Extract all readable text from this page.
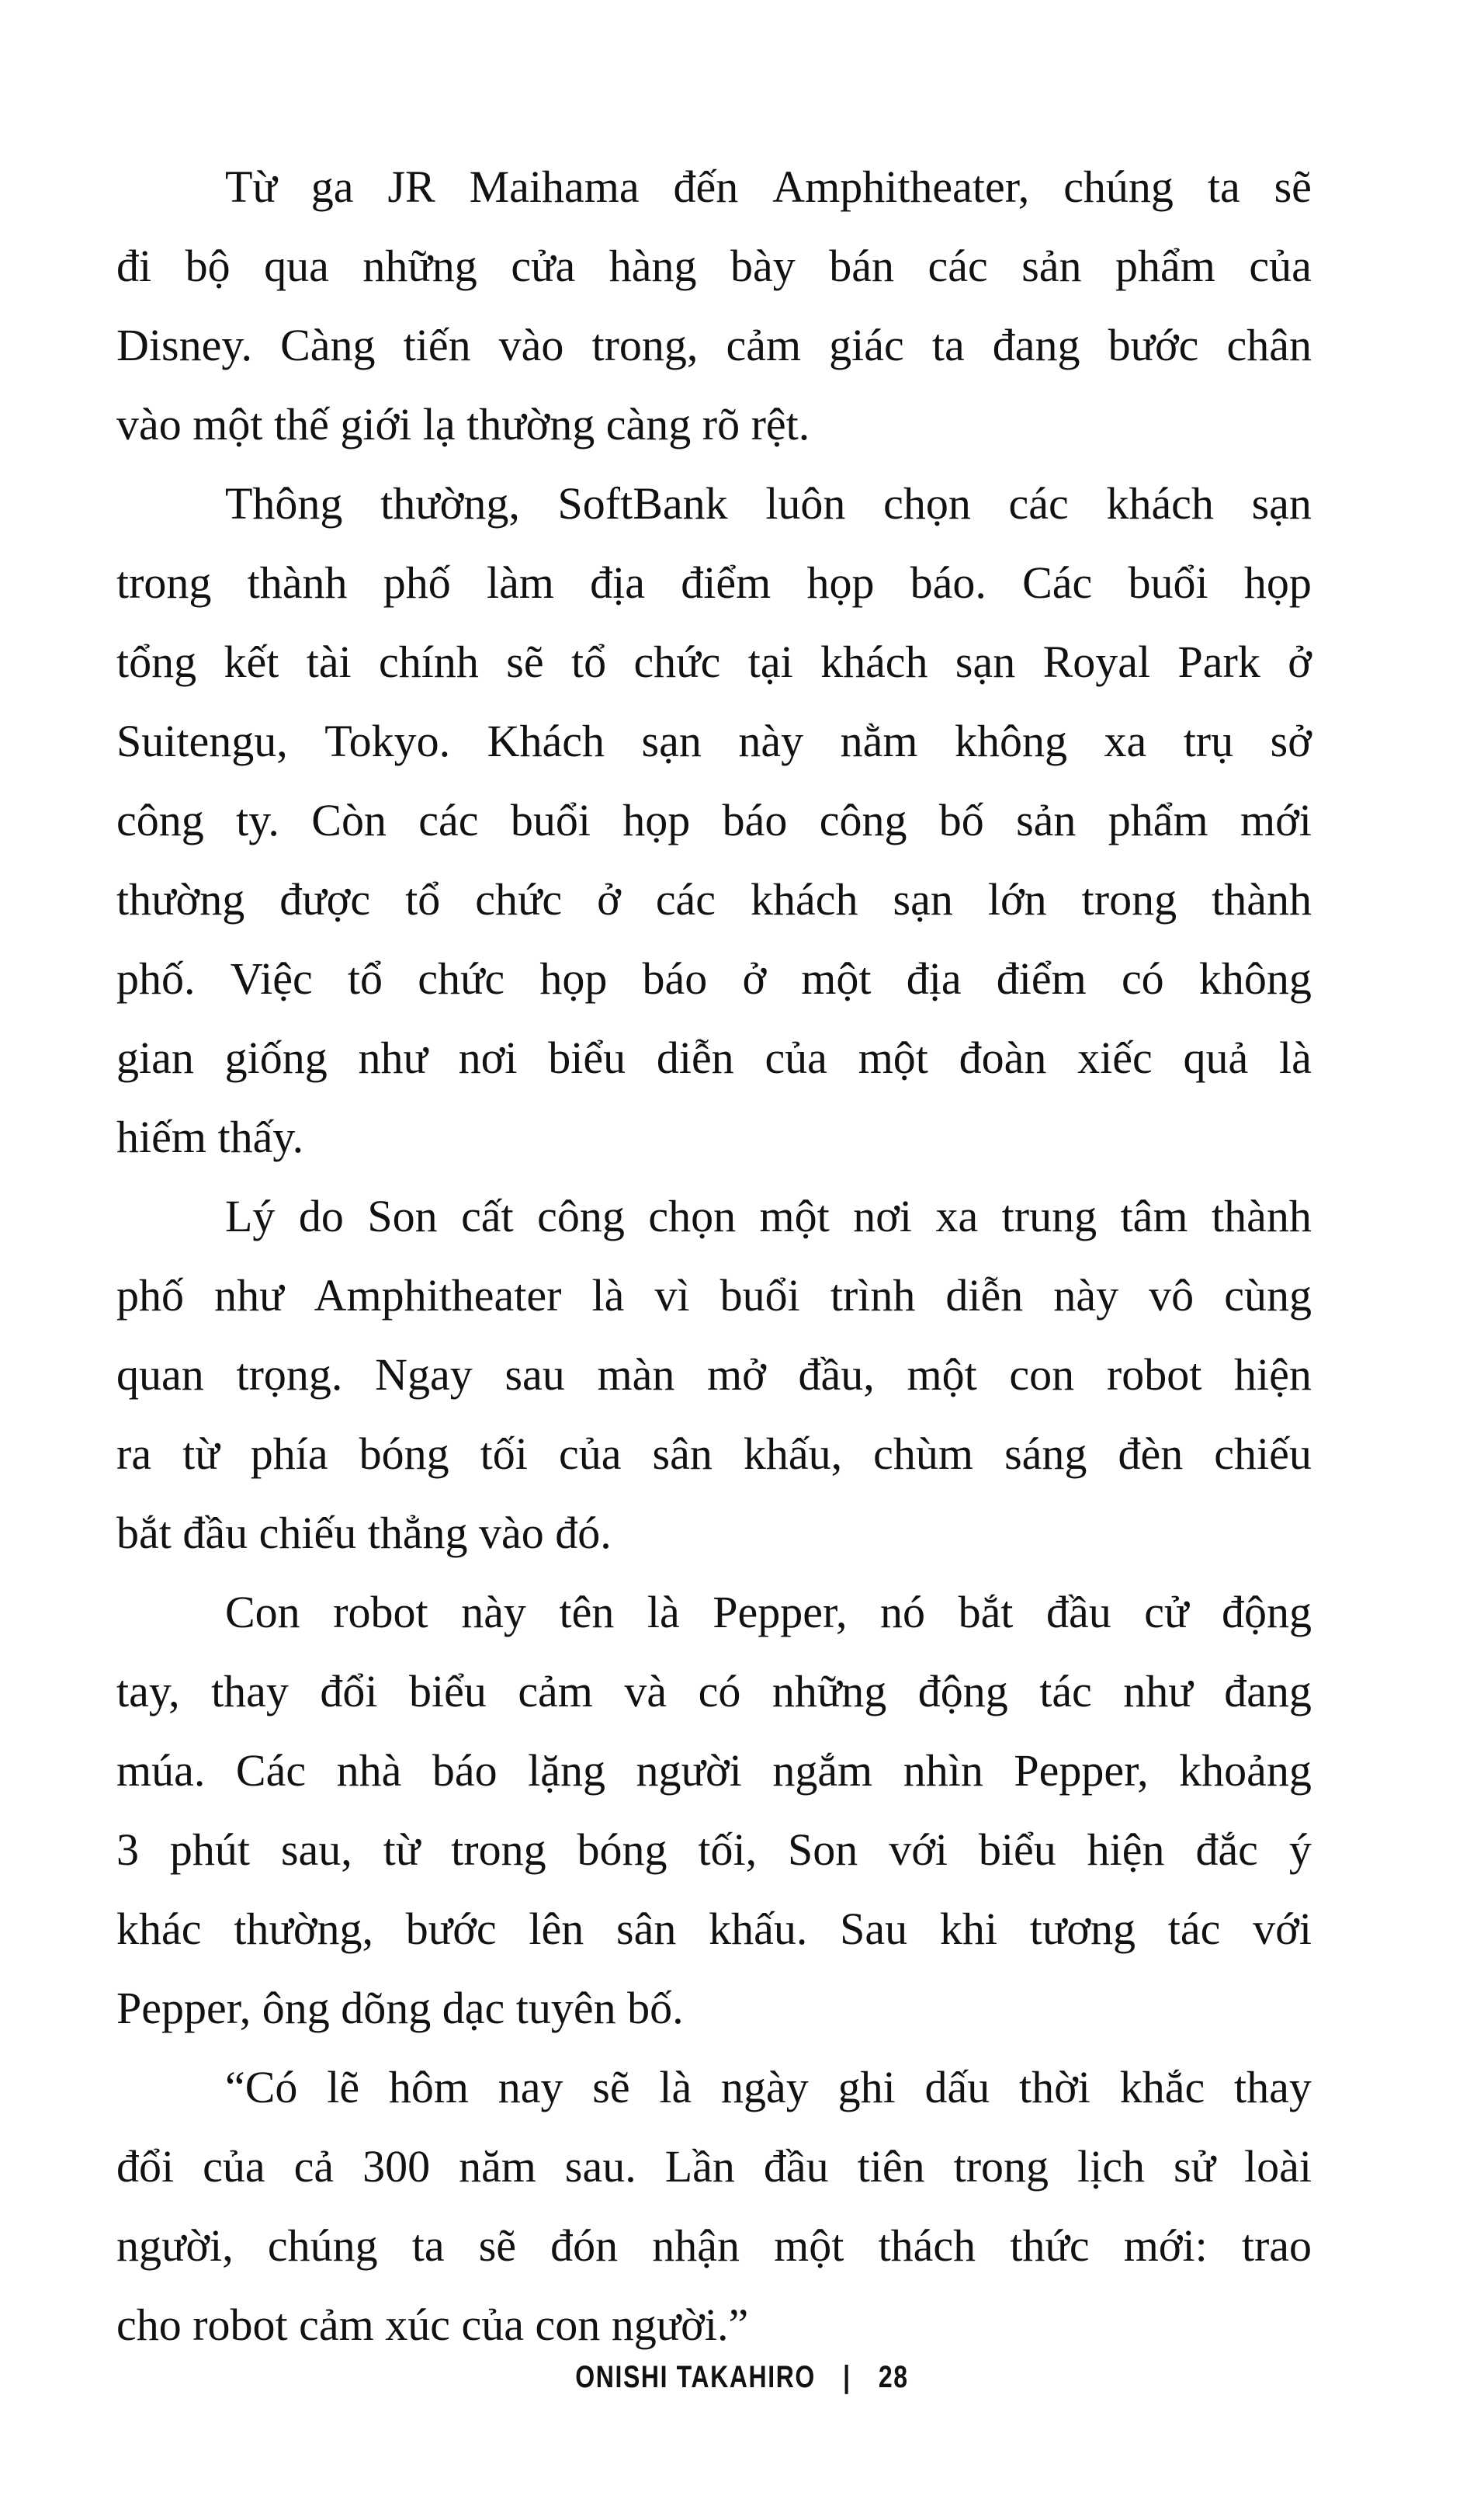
Từ ga JR Maihama đến Amphitheater, chúng ta sẽ
đi bộ qua những cửa hàng bày bán các sản phẩm của
Disney. Càng tiến vào trong, cảm giác ta đang bước chân
vào một thế giới lạ thường càng rõ rệt.
Thông thường, SoftBank luôn chọn các khách sạn
trong thành phố làm địa điểm họp báo. Các buổi họp
tổng kết tài chính sẽ tổ chức tại khách sạn Royal Park ở
Suitengu, Tokyo. Khách sạn này nằm không xa trụ sở
công ty. Còn các buổi họp báo công bố sản phẩm mới
thường được tổ chức ở các khách sạn lớn trong thành
phố. Việc tổ chức họp báo ở một địa điểm có không
gian giống như nơi biểu diễn của một đoàn xiếc quả là
hiếm thấy.
Lý do Son cất công chọn một nơi xa trung tâm thành
phố như Amphitheater là vì buổi trình diễn này vô cùng
quan trọng. Ngay sau màn mở đầu, một con robot hiện
ra từ phía bóng tối của sân khấu, chùm sáng đèn chiếu
bắt đầu chiếu thẳng vào đó.
Con robot này tên là Pepper, nó bắt đầu cử động
tay, thay đổi biểu cảm và có những động tác như đang
múa. Các nhà báo lặng người ngắm nhìn Pepper, khoảng
3 phút sau, từ trong bóng tối, Son với biểu hiện đắc ý
khác thường, bước lên sân khấu. Sau khi tương tác với
Pepper, ông dõng dạc tuyên bố.
“Có lẽ hôm nay sẽ là ngày ghi dấu thời khắc thay
đổi của cả 300 năm sau. Lần đầu tiên trong lịch sử loài
người, chúng ta sẽ đón nhận một thách thức mới: trao
cho robot cảm xúc của con người.”
ONISHI TAKAHIRO | 28
